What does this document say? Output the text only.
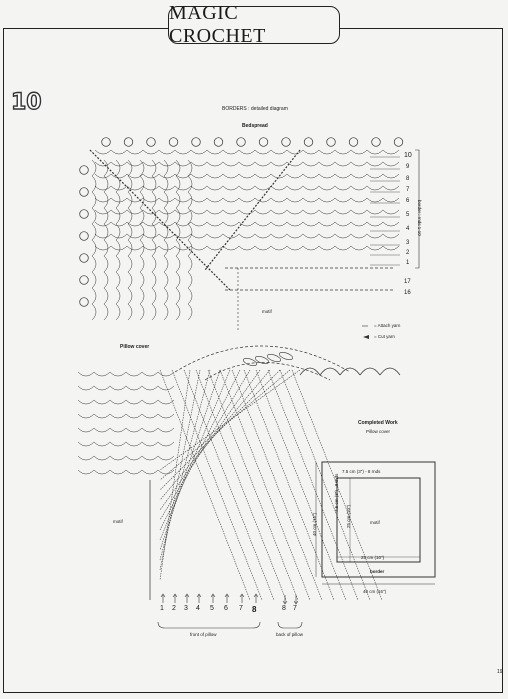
MAGIC CROCHET
10	BORDERS : detailed diagram
Bedspread
10
9
8
7
6
5
4
3
2
1
17
16
border : rnds 1-10
motif
= Attach yarn
= Cut yarn
Pillow cover
motif
1 2 3 4 5 6 7 8	8 7
front of pillow	back of pillow
Completed Work
Pillow cover
7.5 cm (3") - 8 rnds
7.5 cm (3") - 8 rnds
40 cm (16")	25 cm (10")
25 cm (10")
motif
border
40 cm (16")
19
